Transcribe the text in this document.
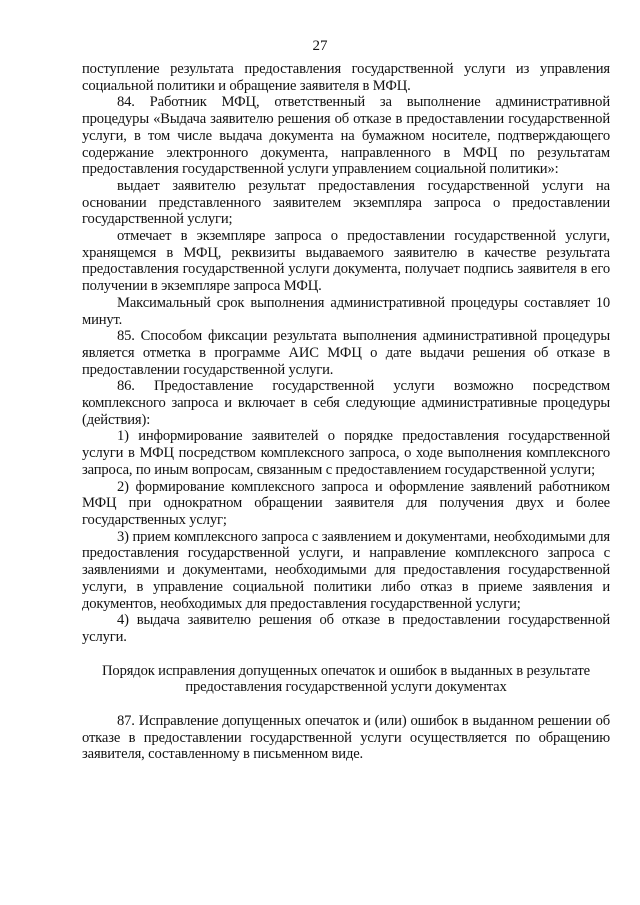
27

поступление результата предоставления государственной услуги из управления социальной политики и обращение заявителя в МФЦ.

84. Работник МФЦ, ответственный за выполнение административной процедуры «Выдача заявителю решения об отказе в предоставлении государственной услуги, в том числе выдача документа на бумажном носителе, подтверждающего содержание электронного документа, направленного в МФЦ по результатам предоставления государственной услуги управлением социальной политики»:

выдает заявителю результат предоставления государственной услуги на основании представленного заявителем экземпляра запроса о предоставлении государственной услуги;

отмечает в экземпляре запроса о предоставлении государственной услуги, хранящемся в МФЦ, реквизиты выдаваемого заявителю в качестве результата предоставления государственной услуги документа, получает подпись заявителя в его получении в экземпляре запроса МФЦ.

Максимальный срок выполнения административной процедуры составляет 10 минут.

85. Способом фиксации результата выполнения административной процедуры является отметка в программе АИС МФЦ о дате выдачи решения об отказе в предоставлении государственной услуги.

86. Предоставление государственной услуги возможно посредством комплексного запроса и включает в себя следующие административные процедуры (действия):

1) информирование заявителей о порядке предоставления государственной услуги в МФЦ посредством комплексного запроса, о ходе выполнения комплексного запроса, по иным вопросам, связанным с предоставлением государственной услуги;

2) формирование комплексного запроса и оформление заявлений работником МФЦ при однократном обращении заявителя для получения двух и более государственных услуг;

3) прием комплексного запроса с заявлением и документами, необходимыми для предоставления государственной услуги, и направление комплексного запроса с заявлениями и документами, необходимыми для предоставления государственной услуги, в управление социальной политики либо отказ в приеме заявления и документов, необходимых для предоставления государственной услуги;

4) выдача заявителю решения об отказе в предоставлении государственной услуги.

Порядок исправления допущенных опечаток и ошибок в выданных в результате предоставления государственной услуги документах

87. Исправление допущенных опечаток и (или) ошибок в выданном решении об отказе в предоставлении государственной услуги осуществляется по обращению заявителя, составленному в письменном виде.
